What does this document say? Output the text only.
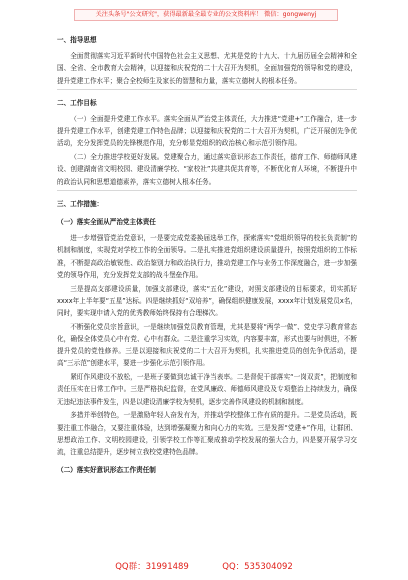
关注头条号"公文研究"，获得最新最全最专业的公文资料库！ 微信：gongwenyj

一、指导思想

全面贯彻落实习近平新时代中国特色社会主义思想、尤其是党的十九大、十九届历届全会精神和全国、全省、全市教育大会精神，以迎接和庆祝党的二十大召开为契机，全面加强党的领导和党的建设，提升党建工作水平；聚合全校师生及家长的智慧和力量，落实立德树人的根本任务。

二、工作目标

（一）全面提升党建工作水平。落实全面从严治党主体责任，大力推进“党建+”工作融合，进一步提升党建工作水平，创建党建工作特色品牌；以迎接和庆祝党的二十大召开为契机，广泛开展创先争优活动，充分发挥党员的先锋模范作用，充分彰显党组织的政治核心和示范引领作用。

（二）全力推进学校更好发展。党建聚合力，通过落实意识形态工作责任，德育工作、师德师风建设、创建湖南省文明校园、建设清廉学校、“家校社”共建共促共育等，不断优化育人环境，不断提升中的政治认同和思想道德素养，落实立德树人根本任务。

三、工作措施：

（一）落实全面从严治党主体责任

进一步增强管党治党意识，一是要完成党委换届选举工作，探索落实“党组织领导的校长负责制”的机制和制度，实现党对学校工作的全面领导。二是扎实推进党组织建设质量提升，按照党组织的工作标准，不断提高政治敏锐性、政治鉴别力和政治执行力，推动党建工作与业务工作深度融合，进一步加强党的领导作用，充分发挥党支部的战斗堡垒作用。

三是提高支部建设质量，加强支部建设，落实“五化”建设，对照支部建设的目标要求，切实抓好xxxx年上半年要“五星”达标。四是继续抓好“双培养”，确保组织健康发展，xxxx年计划发展党员x名，同时，要实现申请入党的优秀教师始终保持有合理梯次。

不断强化党员宗旨意识，一是继续加强党员教育管理，尤其是要将“两学一做”、党史学习教育常态化，确保全体党员心中有党、心中有群众。二是注重学习实效，内容要丰富，形式也要与时俱进，不断提升党员的党性修养。三是以迎接和庆祝党的二十大召开为契机，扎实推进党员的创先争优活动，提高“三示范”创建水平，要进一步强化示范引领作用。

紧盯作风建设不放松，一是班子要做到忠诚干净当表率。二是督促干部落实“一岗双责”，把制度和责任压实在日常工作中。三是严格执纪监督，在党风廉政、师德师风建设及专项整治上持续发力，确保无违纪违法事件发生，四是以建设清廉学校为契机，逐步完善作风建设的机制和制度。

多措并举创特色，一是激励年轻人奋发有为，并推动学校整体工作有质的提升。二是党员活动，既要注重工作融合，又要注重体验，达到增强凝聚力和向心力的实效。三是发挥“党建+”作用，让群团、思想政治工作、文明校园建设，引领学校工作等汇聚成推动学校发展的强大合力，四是要开展学习交流，注重总结提升，逐步树立我校党建特色品牌。

（二）落实好意识形态工作责任制

QQ群：31991489	QQ：535304092
